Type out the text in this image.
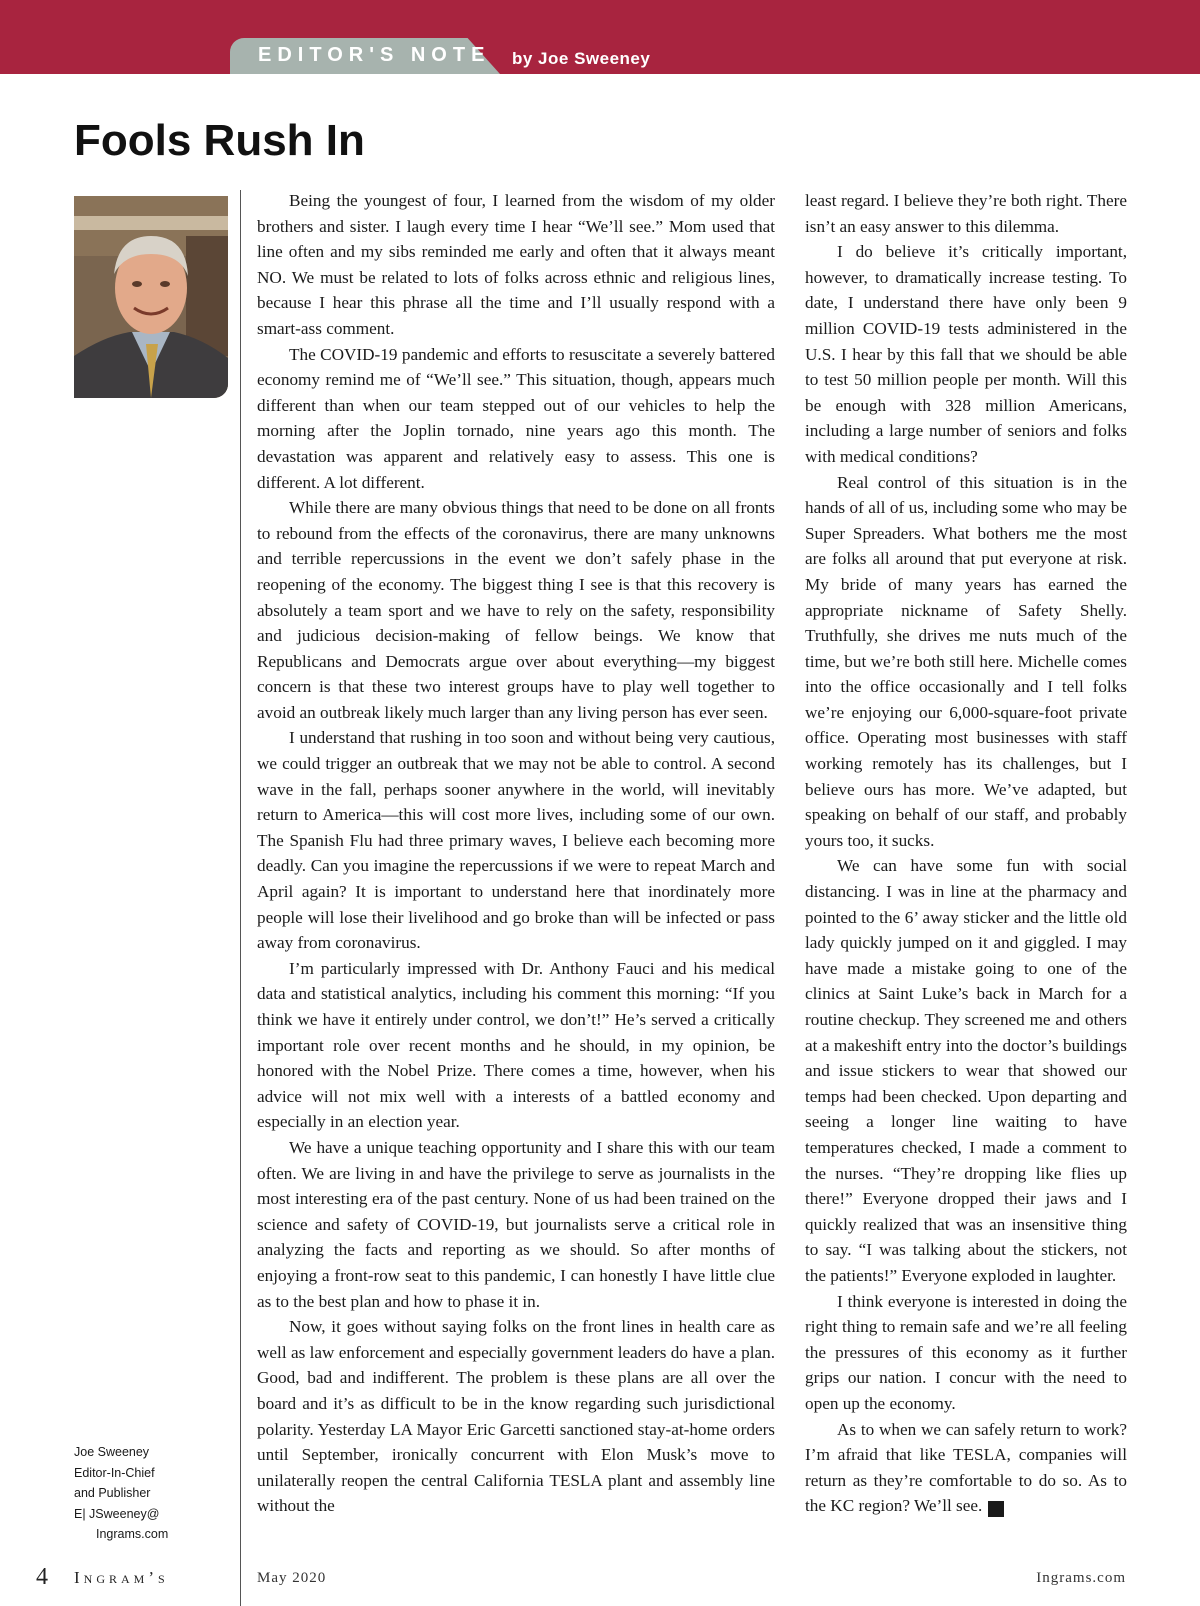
EDITOR'S NOTE by Joe Sweeney
Fools Rush In

Being the youngest of four, I learned from the wisdom of my older brothers and sister. I laugh every time I hear “We’ll see.” Mom used that line often and my sibs reminded me early and often that it always meant NO. We must be related to lots of folks across ethnic and religious lines, because I hear this phrase all the time and I’ll usually respond with a smart-ass comment.

The COVID-19 pandemic and efforts to resuscitate a severely battered economy remind me of “We’ll see.” This situation, though, appears much different than when our team stepped out of our vehicles to help the morning after the Joplin tornado, nine years ago this month. The devastation was apparent and relatively easy to assess. This one is different. A lot different.

While there are many obvious things that need to be done on all fronts to rebound from the effects of the coronavirus, there are many unknowns and terrible repercussions in the event we don’t safely phase in the reopening of the economy. The biggest thing I see is that this recovery is absolutely a team sport and we have to rely on the safety, responsibility and judicious decision-making of fellow beings. We know that Republicans and Democrats argue over about everything—my biggest concern is that these two interest groups have to play well together to avoid an outbreak likely much larger than any living person has ever seen.

I understand that rushing in too soon and without being very cautious, we could trigger an outbreak that we may not be able to control. A second wave in the fall, perhaps sooner anywhere in the world, will inevitably return to America—this will cost more lives, including some of our own. The Spanish Flu had three primary waves, I believe each becoming more deadly. Can you imagine the repercussions if we were to repeat March and April again? It is important to understand here that inordinately more people will lose their livelihood and go broke than will be infected or pass away from coronavirus.

I’m particularly impressed with Dr. Anthony Fauci and his medical data and statistical analytics, including his comment this morning: “If you think we have it entirely under control, we don’t!” He’s served a critically important role over recent months and he should, in my opinion, be honored with the Nobel Prize. There comes a time, however, when his advice will not mix well with a interests of a battled economy and especially in an election year.

We have a unique teaching opportunity and I share this with our team often. We are living in and have the privilege to serve as journalists in the most interesting era of the past century. None of us had been trained on the science and safety of COVID-19, but journalists serve a critical role in analyzing the facts and reporting as we should. So after months of enjoying a front-row seat to this pandemic, I can honestly I have little clue as to the best plan and how to phase it in.

Now, it goes without saying folks on the front lines in health care as well as law enforcement and especially government leaders do have a plan. Good, bad and indifferent. The problem is these plans are all over the board and it’s as difficult to be in the know regarding such jurisdictional polarity. Yesterday LA Mayor Eric Garcetti sanctioned stay-at-home orders until September, ironically concurrent with Elon Musk’s move to unilaterally reopen the central California TESLA plant and assembly line without the

least regard. I believe they’re both right. There isn’t an easy answer to this dilemma.

I do believe it’s critically important, however, to dramatically increase testing. To date, I understand there have only been 9 million COVID-19 tests administered in the U.S. I hear by this fall that we should be able to test 50 million people per month. Will this be enough with 328 million Americans, including a large number of seniors and folks with medical conditions?

Real control of this situation is in the hands of all of us, including some who may be Super Spreaders. What bothers me the most are folks all around that put everyone at risk. My bride of many years has earned the appropriate nickname of Safety Shelly. Truthfully, she drives me nuts much of the time, but we’re both still here. Michelle comes into the office occasionally and I tell folks we’re enjoying our 6,000-square-foot private office. Operating most businesses with staff working remotely has its challenges, but I believe ours has more. We’ve adapted, but speaking on behalf of our staff, and probably yours too, it sucks.

We can have some fun with social distancing. I was in line at the pharmacy and pointed to the 6’ away sticker and the little old lady quickly jumped on it and giggled. I may have made a mistake going to one of the clinics at Saint Luke’s back in March for a routine checkup. They screened me and others at a makeshift entry into the doctor’s buildings and issue stickers to wear that showed our temps had been checked. Upon departing and seeing a longer line waiting to have temperatures checked, I made a comment to the nurses. “They’re dropping like flies up there!” Everyone dropped their jaws and I quickly realized that was an insensitive thing to say. “I was talking about the stickers, not the patients!” Everyone exploded in laughter.

I think everyone is interested in doing the right thing to remain safe and we’re all feeling the pressures of this economy as it further grips our nation. I concur with the need to open up the economy.

As to when we can safely return to work? I’m afraid that like TESLA, companies will return as they’re comfortable to do so. As to the KC region? We’ll see.	I

Joe Sweeney
Editor-In-Chief
and Publisher
E| JSweeney@
Ingrams.com
4 Ingram’s	May 2020	Ingrams.com
